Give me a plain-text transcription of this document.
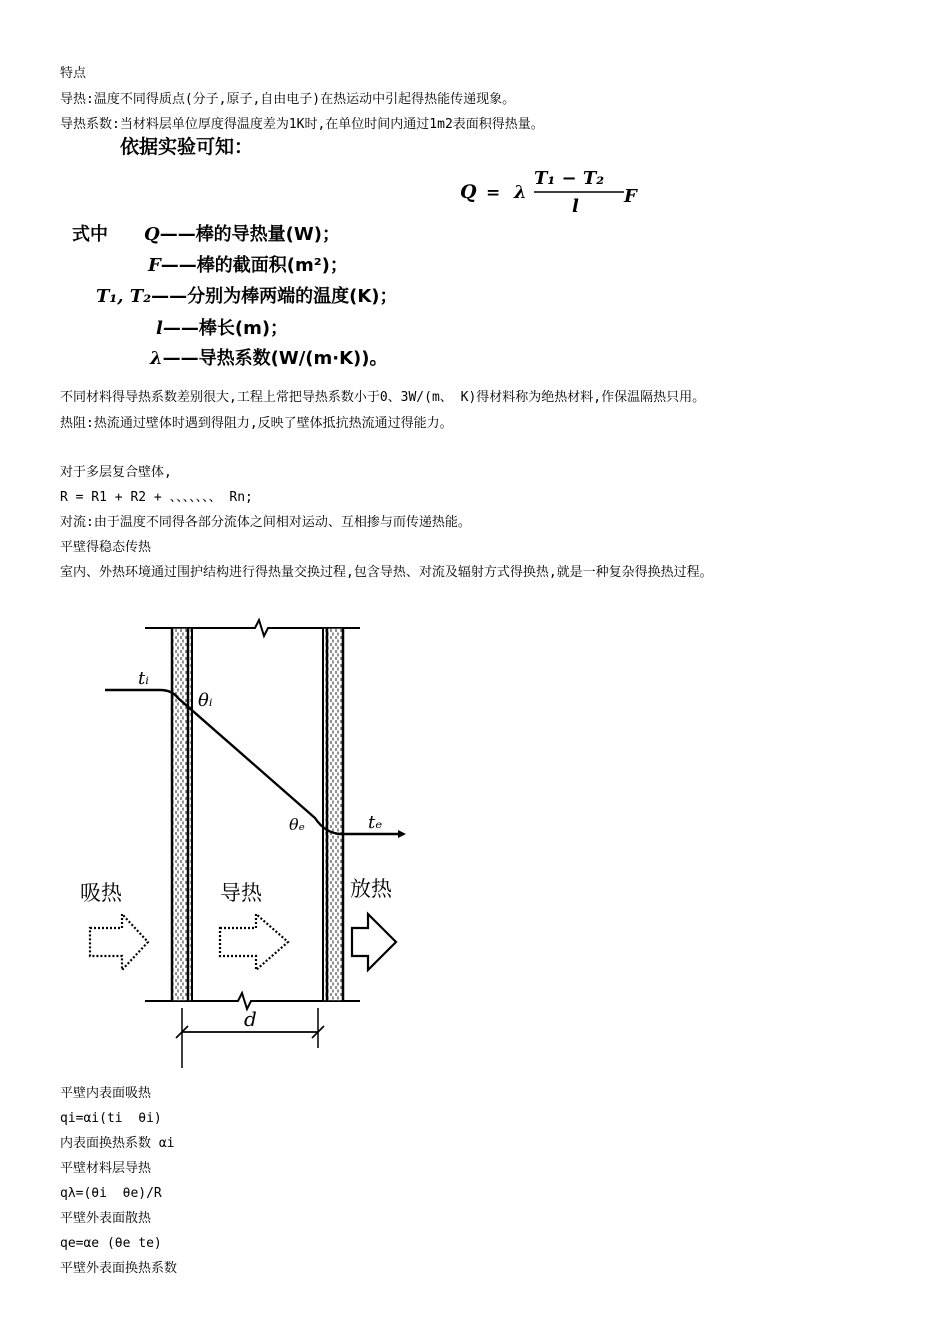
特点
导热:温度不同得质点(分子,原子,自由电子)在热运动中引起得热能传递现象。
导热系数:当材料层单位厚度得温度差为1K时,在单位时间内通过1m2表面积得热量。
依据实验可知：
Q = λ
T₁ − T₂
l	F
式中 Q——棒的导热量(W)；
F——棒的截面积(m²)；
T₁, T₂——分别为棒两端的温度(K)；
l——棒长(m)；
λ——导热系数(W/(m·K))。
不同材料得导热系数差别很大,工程上常把导热系数小于0、3W/(m、 K)得材料称为绝热材料,作保温隔热只用。
热阻:热流通过壁体时遇到得阻力,反映了壁体抵抗热流通过得能力。
对于多层复合壁体,
R = R1 + R2 + 、、、、、、、 Rn;
对流:由于温度不同得各部分流体之间相对运动、互相掺与而传递热能。
平壁得稳态传热
室内、外热环境通过围护结构进行得热量交换过程,包含导热、对流及辐射方式得换热,就是一种复杂得换热过程。
tᵢ
θᵢ
θₑ	tₑ
吸热	导热	放热
d
平壁内表面吸热
qi=αi(ti  θi)
内表面换热系数 αi
平壁材料层导热
qλ=(θi  θe)/R
平壁外表面散热
qe=αe (θe te)
平壁外表面换热系数
